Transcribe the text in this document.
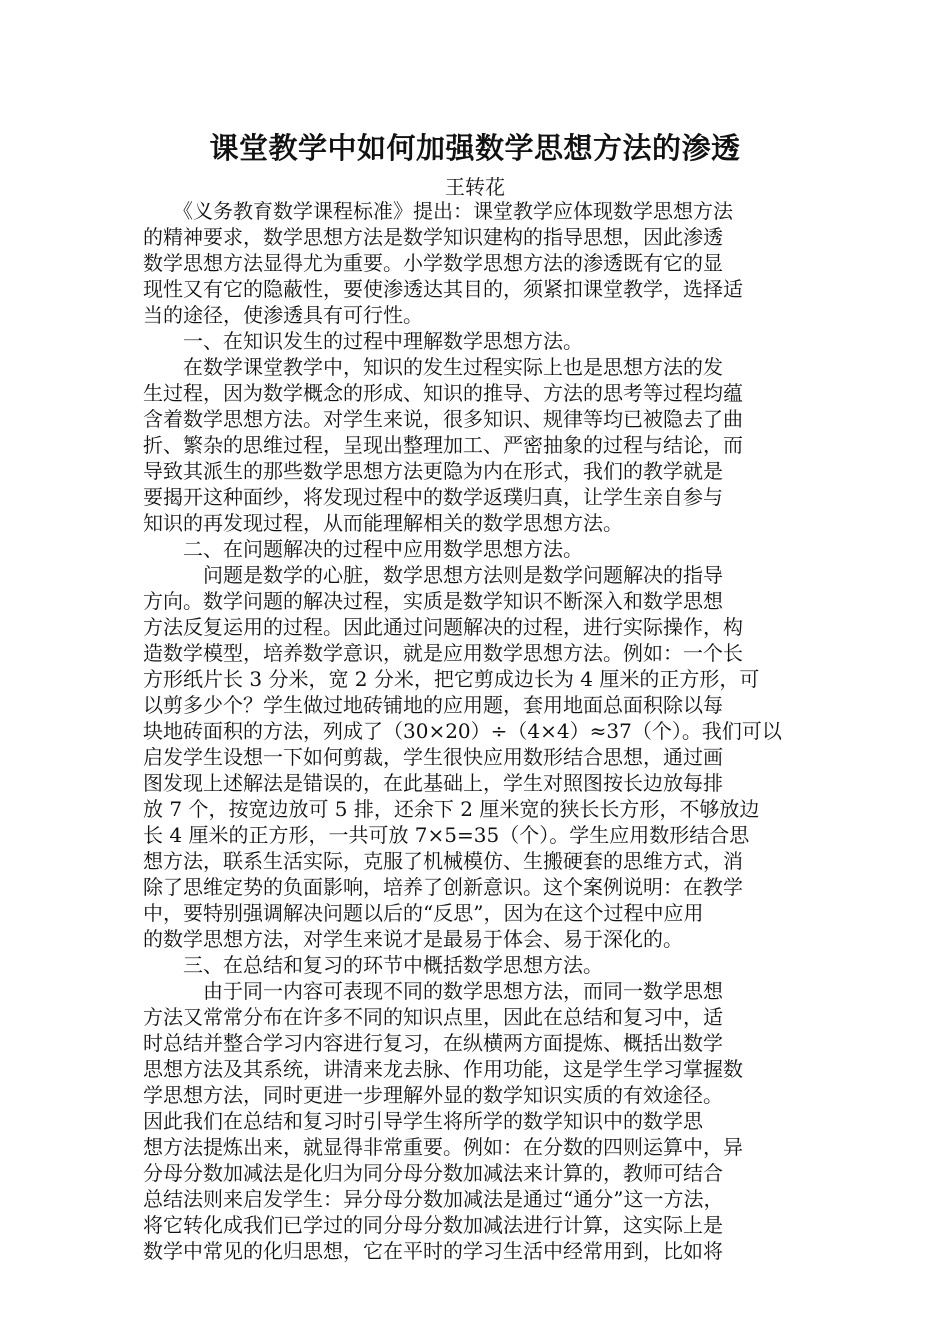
课堂教学中如何加强数学思想方法的渗透
王转花
　　《义务教育数学课程标准》提出：课堂教学应体现数学思想方法
的精神要求，数学思想方法是数学知识建构的指导思想，因此渗透
数学思想方法显得尤为重要。小学数学思想方法的渗透既有它的显
现性又有它的隐蔽性，要使渗透达其目的，须紧扣课堂教学，选择适
当的途径，使渗透具有可行性。
　　一、在知识发生的过程中理解数学思想方法。
　　在数学课堂教学中，知识的发生过程实际上也是思想方法的发
生过程，因为数学概念的形成、知识的推导、方法的思考等过程均蕴
含着数学思想方法。对学生来说，很多知识、规律等均已被隐去了曲
折、繁杂的思维过程，呈现出整理加工、严密抽象的过程与结论，而
导致其派生的那些数学思想方法更隐为内在形式，我们的教学就是
要揭开这种面纱，将发现过程中的数学返璞归真，让学生亲自参与
知识的再发现过程，从而能理解相关的数学思想方法。
　　二、在问题解决的过程中应用数学思想方法。
　　　问题是数学的心脏，数学思想方法则是数学问题解决的指导
方向。数学问题的解决过程，实质是数学知识不断深入和数学思想
方法反复运用的过程。因此通过问题解决的过程，进行实际操作，构
造数学模型，培养数学意识，就是应用数学思想方法。例如：一个长
方形纸片长 3 分米，宽 2 分米，把它剪成边长为 4 厘米的正方形，可
以剪多少个？学生做过地砖铺地的应用题，套用地面总面积除以每
块地砖面积的方法，列成了（30×20）÷（4×4）≈37（个）。我们可以
启发学生设想一下如何剪裁，学生很快应用数形结合思想，通过画
图发现上述解法是错误的，在此基础上，学生对照图按长边放每排
放 7 个，按宽边放可 5 排，还余下 2 厘米宽的狭长长方形，不够放边
长 4 厘米的正方形，一共可放 7×5=35（个）。学生应用数形结合思
想方法，联系生活实际，克服了机械模仿、生搬硬套的思维方式，消
除了思维定势的负面影响，培养了创新意识。这个案例说明：在教学
中，要特别强调解决问题以后的“反思”，因为在这个过程中应用
的数学思想方法，对学生来说才是最易于体会、易于深化的。
　　三、在总结和复习的环节中概括数学思想方法。
　　　由于同一内容可表现不同的数学思想方法，而同一数学思想
方法又常常分布在许多不同的知识点里，因此在总结和复习中，适
时总结并整合学习内容进行复习，在纵横两方面提炼、概括出数学
思想方法及其系统，讲清来龙去脉、作用功能，这是学生学习掌握数
学思想方法，同时更进一步理解外显的数学知识实质的有效途径。
因此我们在总结和复习时引导学生将所学的数学知识中的数学思
想方法提炼出来，就显得非常重要。例如：在分数的四则运算中，异
分母分数加减法是化归为同分母分数加减法来计算的，教师可结合
总结法则来启发学生：异分母分数加减法是通过“通分”这一方法，
将它转化成我们已学过的同分母分数加减法进行计算，这实际上是
数学中常见的化归思想，它在平时的学习生活中经常用到，比如将
